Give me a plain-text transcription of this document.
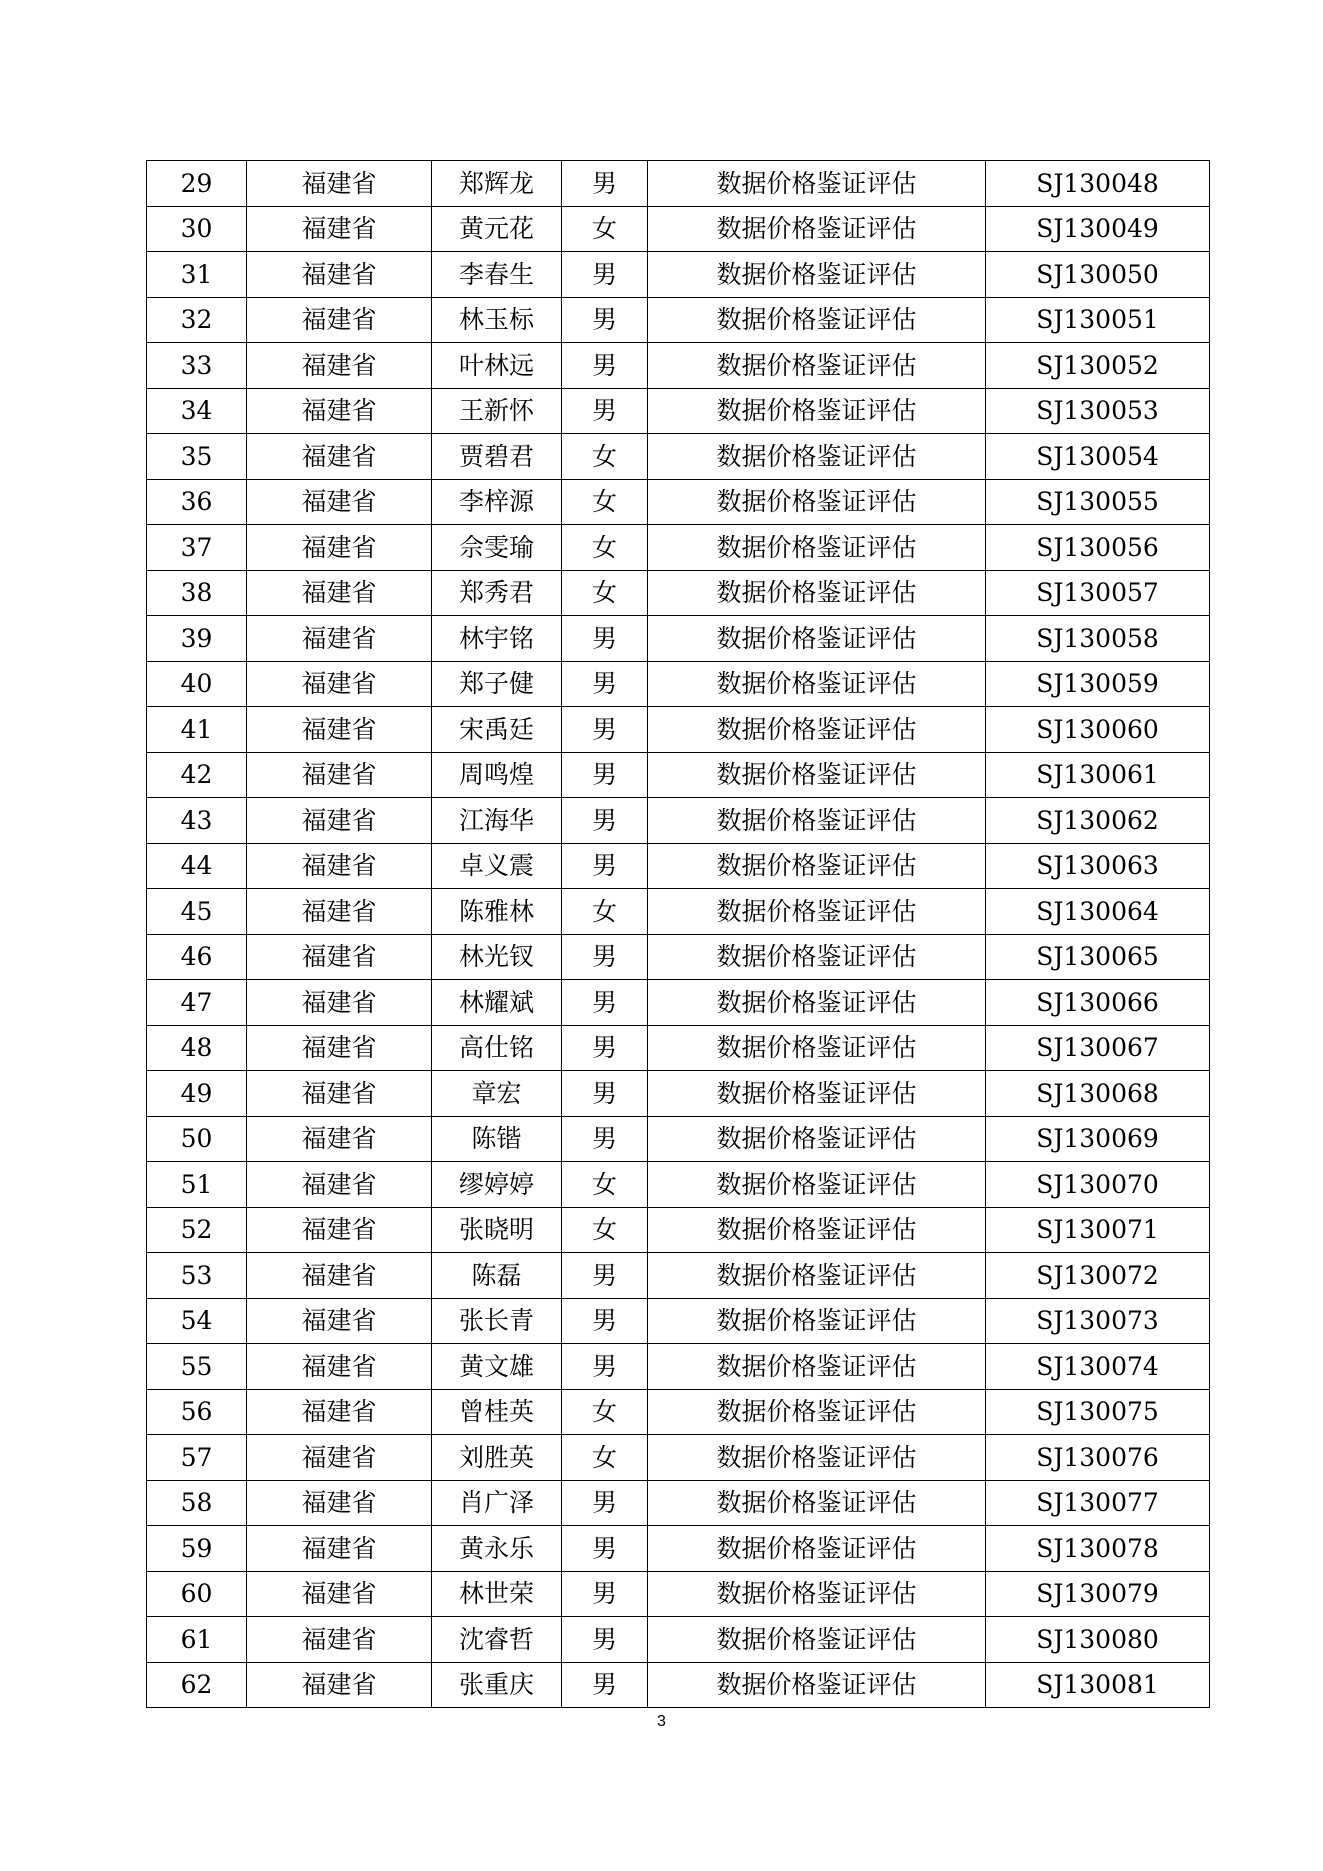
29	福建省	郑辉龙	男	数据价格鉴证评估	SJ130048
30	福建省	黄元花	女	数据价格鉴证评估	SJ130049
31	福建省	李春生	男	数据价格鉴证评估	SJ130050
32	福建省	林玉标	男	数据价格鉴证评估	SJ130051
33	福建省	叶林远	男	数据价格鉴证评估	SJ130052
34	福建省	王新怀	男	数据价格鉴证评估	SJ130053
35	福建省	贾碧君	女	数据价格鉴证评估	SJ130054
36	福建省	李梓源	女	数据价格鉴证评估	SJ130055
37	福建省	佘雯瑜	女	数据价格鉴证评估	SJ130056
38	福建省	郑秀君	女	数据价格鉴证评估	SJ130057
39	福建省	林宇铭	男	数据价格鉴证评估	SJ130058
40	福建省	郑子健	男	数据价格鉴证评估	SJ130059
41	福建省	宋禹廷	男	数据价格鉴证评估	SJ130060
42	福建省	周鸣煌	男	数据价格鉴证评估	SJ130061
43	福建省	江海华	男	数据价格鉴证评估	SJ130062
44	福建省	卓义震	男	数据价格鉴证评估	SJ130063
45	福建省	陈雅林	女	数据价格鉴证评估	SJ130064
46	福建省	林光钗	男	数据价格鉴证评估	SJ130065
47	福建省	林耀斌	男	数据价格鉴证评估	SJ130066
48	福建省	高仕铭	男	数据价格鉴证评估	SJ130067
49	福建省	章宏	男	数据价格鉴证评估	SJ130068
50	福建省	陈锴	男	数据价格鉴证评估	SJ130069
51	福建省	缪婷婷	女	数据价格鉴证评估	SJ130070
52	福建省	张晓明	女	数据价格鉴证评估	SJ130071
53	福建省	陈磊	男	数据价格鉴证评估	SJ130072
54	福建省	张长青	男	数据价格鉴证评估	SJ130073
55	福建省	黄文雄	男	数据价格鉴证评估	SJ130074
56	福建省	曾桂英	女	数据价格鉴证评估	SJ130075
57	福建省	刘胜英	女	数据价格鉴证评估	SJ130076
58	福建省	肖广泽	男	数据价格鉴证评估	SJ130077
59	福建省	黄永乐	男	数据价格鉴证评估	SJ130078
60	福建省	林世荣	男	数据价格鉴证评估	SJ130079
61	福建省	沈睿哲	男	数据价格鉴证评估	SJ130080
62	福建省	张重庆	男	数据价格鉴证评估	SJ130081
3
